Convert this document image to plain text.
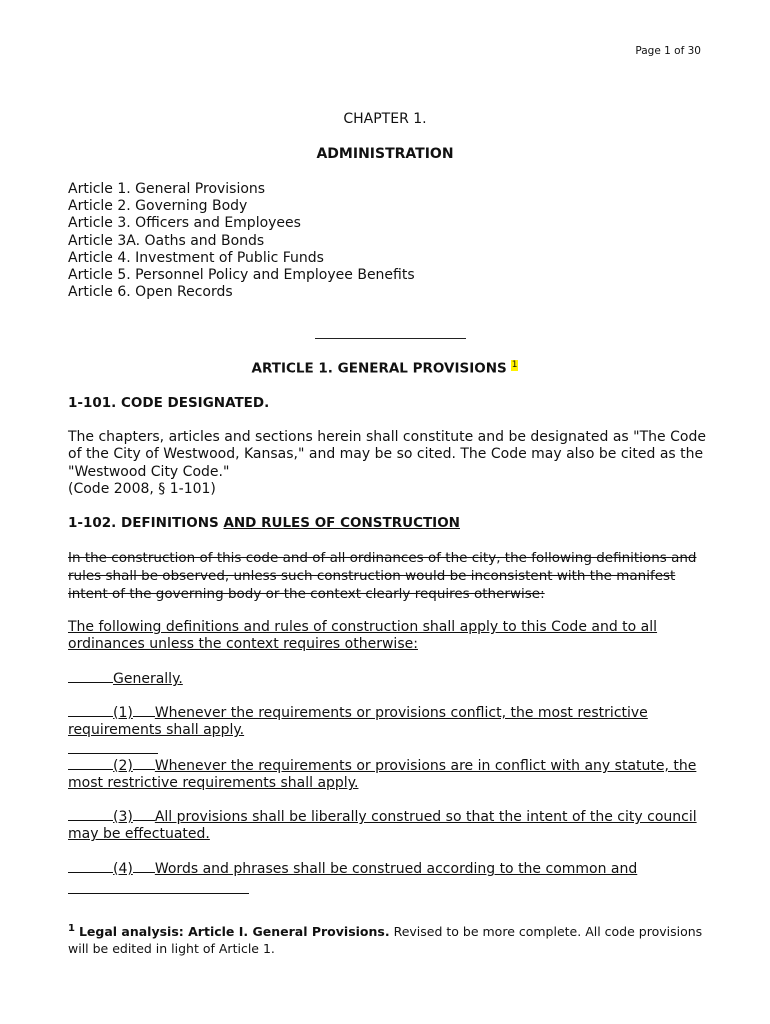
Page 1 of 30
CHAPTER 1.
ADMINISTRATION
Article 1. General Provisions
Article 2. Governing Body
Article 3. Officers and Employees
Article 3A. Oaths and Bonds
Article 4. Investment of Public Funds
Article 5. Personnel Policy and Employee Benefits
Article 6. Open Records
ARTICLE 1. GENERAL PROVISIONS 1
1-101. CODE DESIGNATED.
The chapters, articles and sections herein shall constitute and be designated as "The Code of the City of Westwood, Kansas," and may be so cited. The Code may also be cited as the "Westwood City Code."
(Code 2008, § 1-101)
1-102. DEFINITIONS AND RULES OF CONSTRUCTION
In the construction of this code and of all ordinances of the city, the following definitions and rules shall be observed, unless such construction would be inconsistent with the manifest intent of the governing body or the context clearly requires otherwise:
The following definitions and rules of construction shall apply to this Code and to all ordinances unless the context requires otherwise:
Generally.
(1) Whenever the requirements or provisions conflict, the most restrictive requirements shall apply.
(2) Whenever the requirements or provisions are in conflict with any statute, the most restrictive requirements shall apply.
(3) All provisions shall be liberally construed so that the intent of the city council may be effectuated.
(4) Words and phrases shall be construed according to the common and
$^1$ Legal analysis: Article I. General Provisions. Revised to be more complete. All code provisions will be edited in light of Article 1.
